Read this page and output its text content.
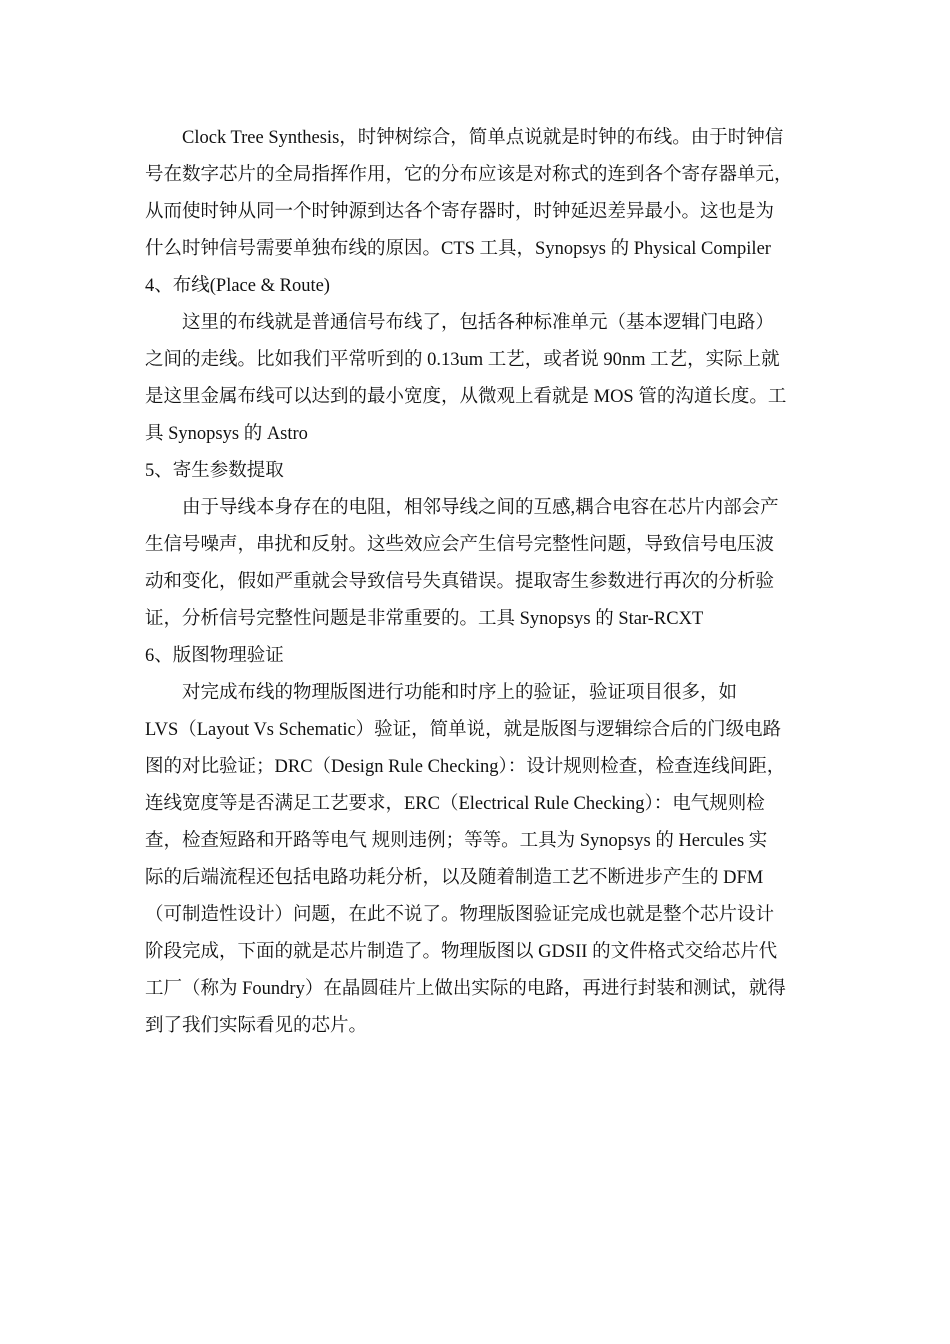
Clock Tree Synthesis，时钟树综合，简单点说就是时钟的布线。由于时钟信

号在数字芯片的全局指挥作用，它的分布应该是对称式的连到各个寄存器单元，

从而使时钟从同一个时钟源到达各个寄存器时，时钟延迟差异最小。这也是为

什么时钟信号需要单独布线的原因。CTS 工具，Synopsys 的 Physical Compiler

4、布线(Place & Route)

这里的布线就是普通信号布线了，包括各种标准单元（基本逻辑门电路）

之间的走线。比如我们平常听到的 0.13um 工艺，或者说 90nm 工艺，实际上就

是这里金属布线可以达到的最小宽度，从微观上看就是 MOS 管的沟道长度。工

具 Synopsys 的 Astro

5、寄生参数提取

由于导线本身存在的电阻，相邻导线之间的互感,耦合电容在芯片内部会产

生信号噪声，串扰和反射。这些效应会产生信号完整性问题，导致信号电压波

动和变化，假如严重就会导致信号失真错误。提取寄生参数进行再次的分析验

证，分析信号完整性问题是非常重要的。工具 Synopsys 的 Star-RCXT

6、版图物理验证

对完成布线的物理版图进行功能和时序上的验证，验证项目很多，如

LVS（Layout Vs Schematic）验证，简单说，就是版图与逻辑综合后的门级电路

图的对比验证；DRC（Design Rule Checking）：设计规则检查，检查连线间距，

连线宽度等是否满足工艺要求，ERC（Electrical Rule Checking）：电气规则检

查，检查短路和开路等电气 规则违例；等等。工具为 Synopsys 的 Hercules 实

际的后端流程还包括电路功耗分析，以及随着制造工艺不断进步产生的 DFM

（可制造性设计）问题，在此不说了。物理版图验证完成也就是整个芯片设计

阶段完成，下面的就是芯片制造了。物理版图以 GDSII 的文件格式交给芯片代

工厂（称为 Foundry）在晶圆硅片上做出实际的电路，再进行封装和测试，就得

到了我们实际看见的芯片。
